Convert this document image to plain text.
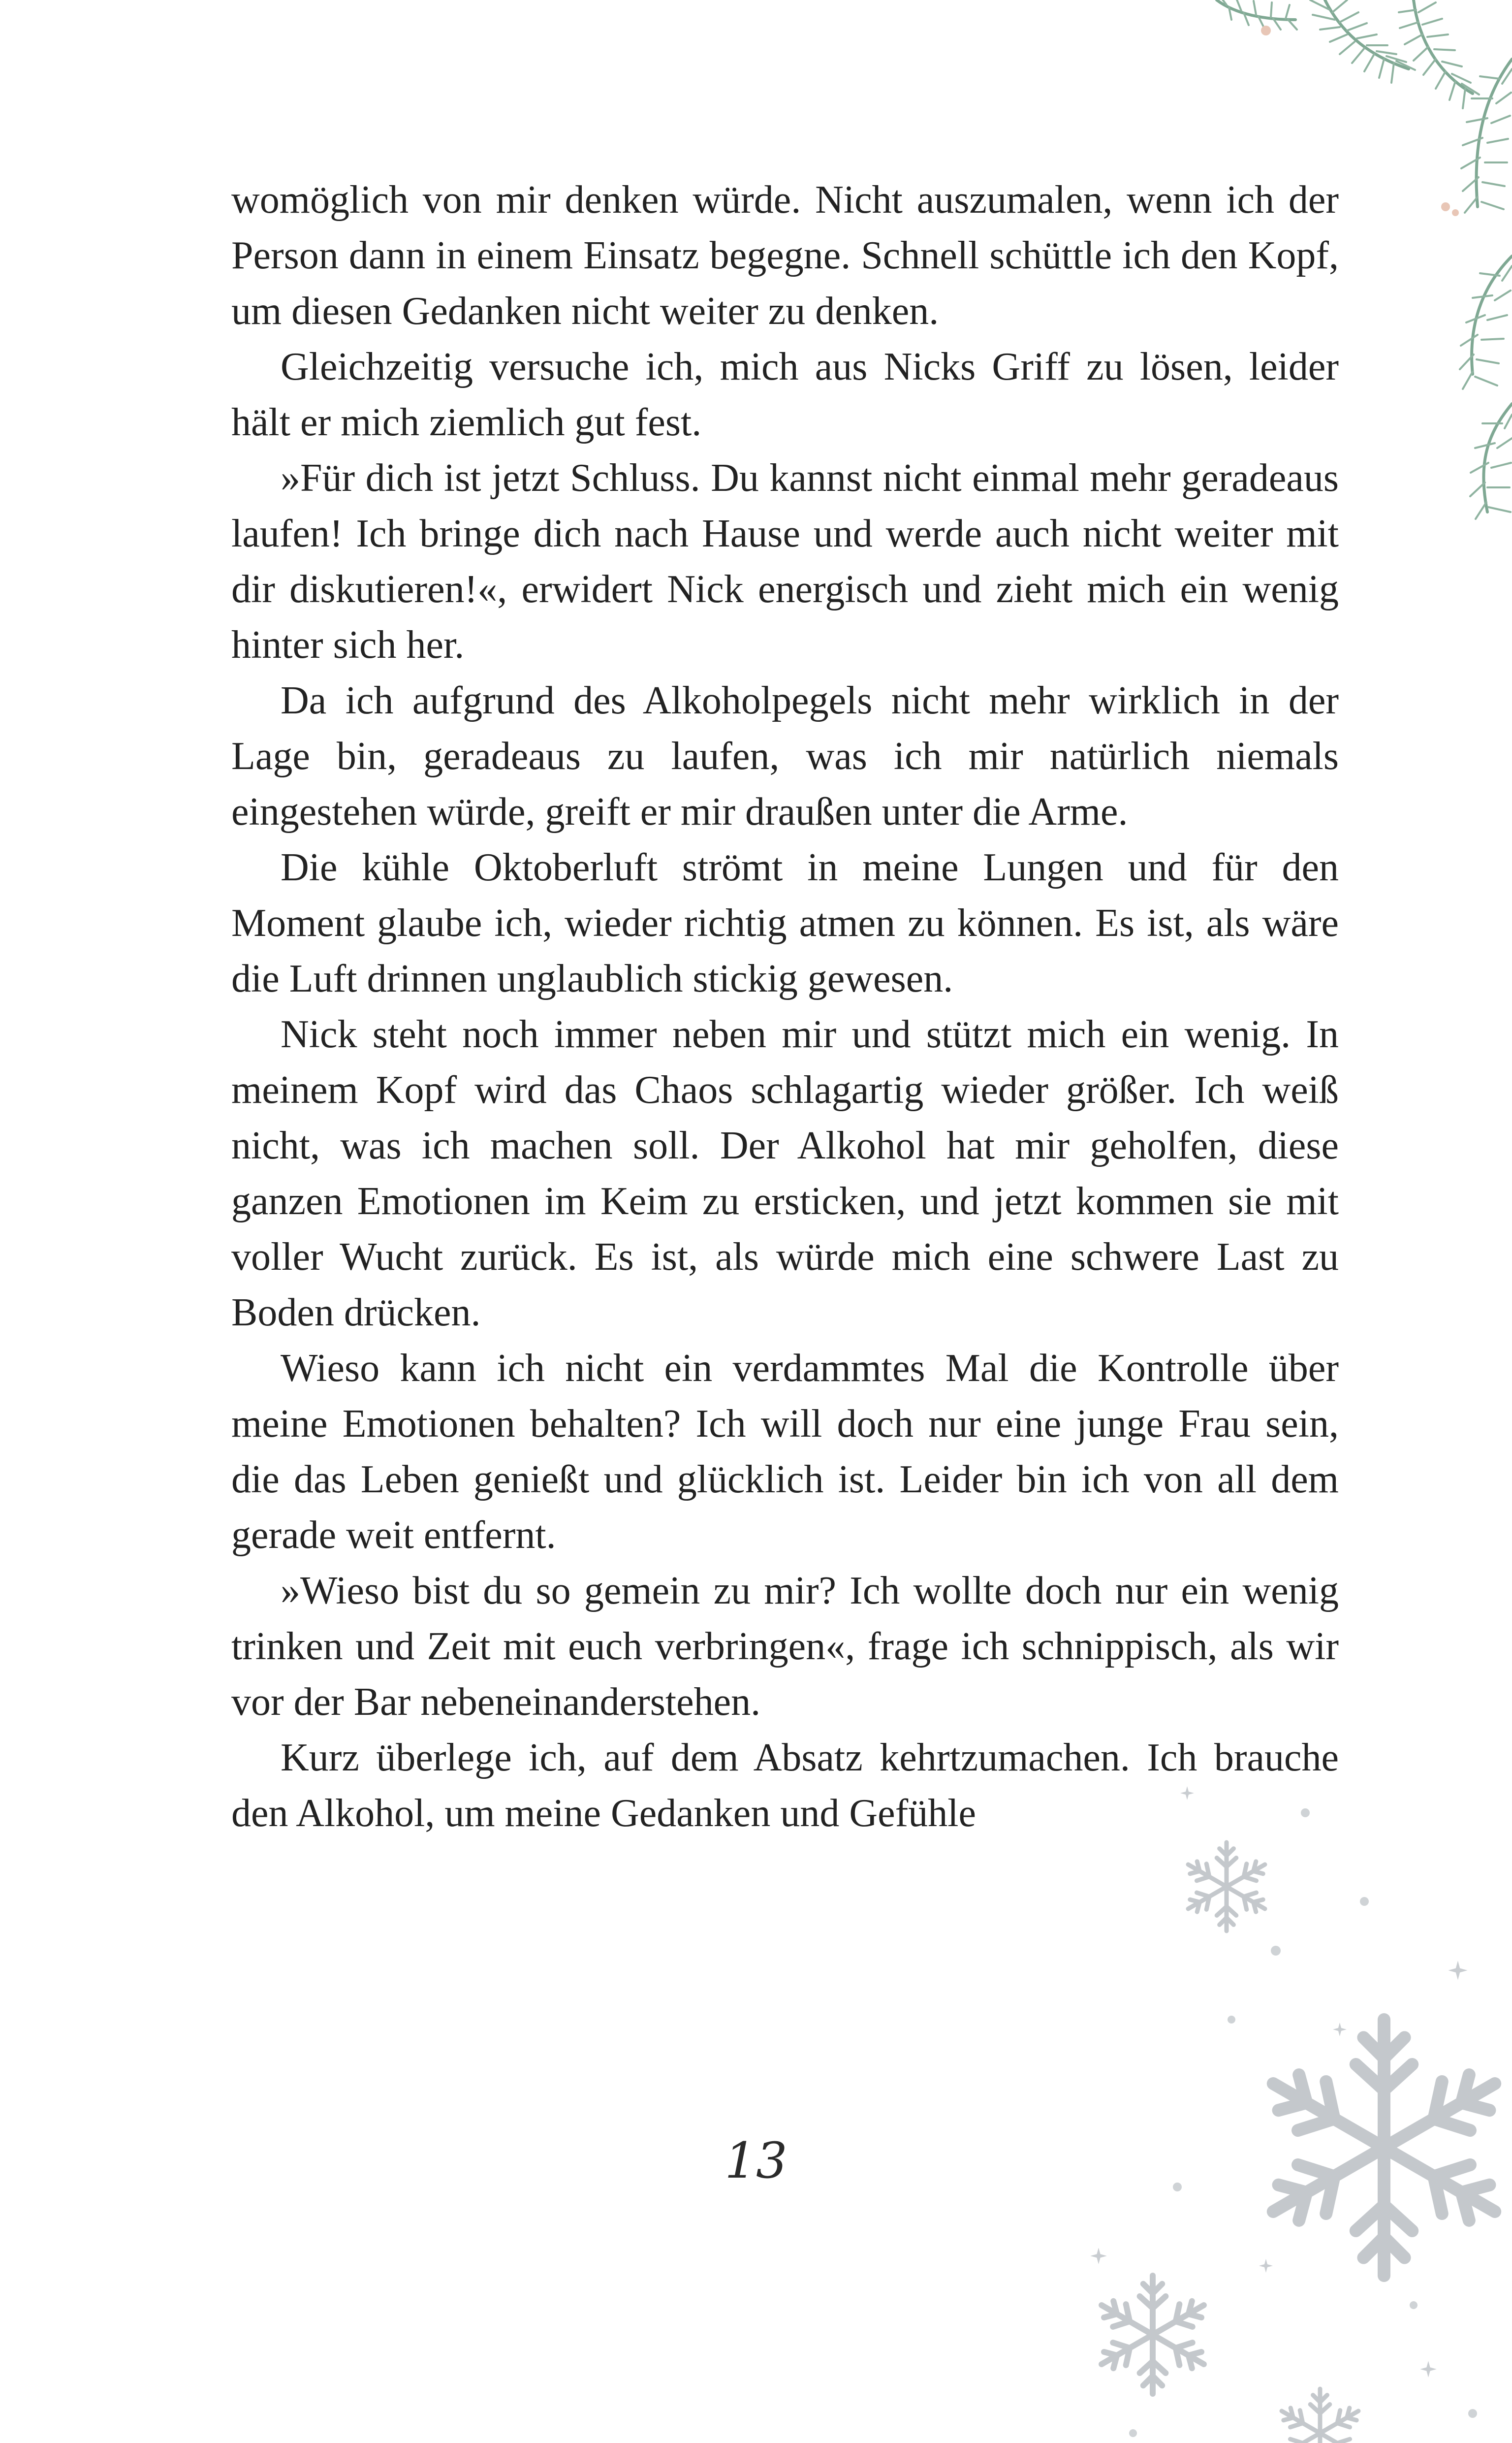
womöglich von mir denken würde. Nicht auszumalen, wenn ich der Person dann in einem Einsatz begegne. Schnell schüttle ich den Kopf, um diesen Gedanken nicht weiter zu denken.

Gleichzeitig versuche ich, mich aus Nicks Griff zu lösen, leider hält er mich ziemlich gut fest.

»Für dich ist jetzt Schluss. Du kannst nicht einmal mehr geradeaus laufen! Ich bringe dich nach Hause und werde auch nicht weiter mit dir diskutieren!«, erwidert Nick energisch und zieht mich ein wenig hinter sich her.

Da ich aufgrund des Alkoholpegels nicht mehr wirklich in der Lage bin, geradeaus zu laufen, was ich mir natürlich niemals eingestehen würde, greift er mir draußen unter die Arme.

Die kühle Oktoberluft strömt in meine Lungen und für den Moment glaube ich, wieder richtig atmen zu können. Es ist, als wäre die Luft drinnen unglaublich stickig gewesen.

Nick steht noch immer neben mir und stützt mich ein wenig. In meinem Kopf wird das Chaos schlagartig wieder größer. Ich weiß nicht, was ich machen soll. Der Alkohol hat mir geholfen, diese ganzen Emotionen im Keim zu ersticken, und jetzt kommen sie mit voller Wucht zurück. Es ist, als würde mich eine schwere Last zu Boden drücken.

Wieso kann ich nicht ein verdammtes Mal die Kontrolle über meine Emotionen behalten? Ich will doch nur eine junge Frau sein, die das Leben genießt und glücklich ist. Leider bin ich von all dem gerade weit entfernt.

»Wieso bist du so gemein zu mir? Ich wollte doch nur ein wenig trinken und Zeit mit euch verbringen«, frage ich schnippisch, als wir vor der Bar nebeneinanderstehen.

Kurz überlege ich, auf dem Absatz kehrtzumachen. Ich brauche den Alkohol, um meine Gedanken und Gefühle

13
